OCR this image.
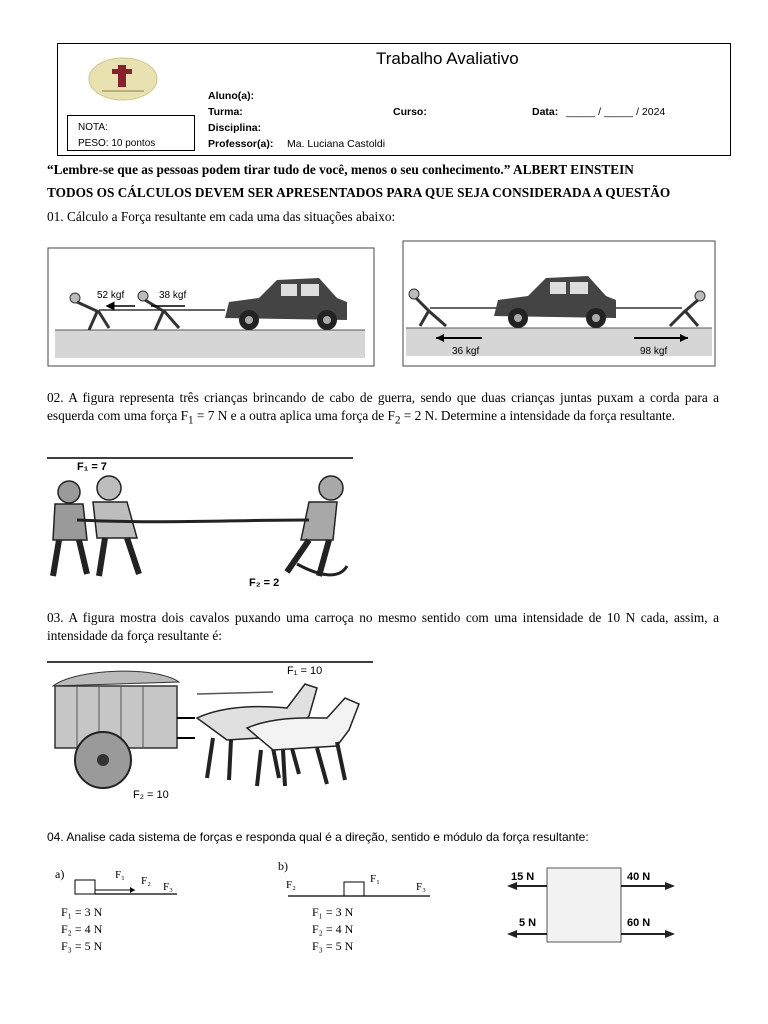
Trabalho Avaliativo
Aluno(a):
Turma:	Curso:	Data: _____ / _____ / 2024
Disciplina:
Professor(a): Ma. Luciana Castoldi
NOTA:
PESO: 10 pontos
“Lembre-se que as pessoas podem tirar tudo de você, menos o seu conhecimento.” ALBERT EINSTEIN
TODOS OS CÁLCULOS DEVEM SER APRESENTADOS PARA QUE SEJA CONSIDERADA A QUESTÃO
01. Cálculo a Força resultante em cada uma das situações abaixo:
52 kgf	38 kgf
36 kgf	98 kgf
02. A figura representa três crianças brincando de cabo de guerra, sendo que duas crianças juntas puxam a corda para a esquerda com uma força $F_1 = 7$ N e a outra aplica uma força de $F_2 = 2$ N. Determine a intensidade da força resultante.
F₁ = 7
F₂ = 2
03. A figura mostra dois cavalos puxando uma carroça no mesmo sentido com uma intensidade de 10 N cada, assim, a intensidade da força resultante é:
F₁ = 10
F₂ = 10
04. Analise cada sistema de forças e responda qual é a direção, sentido e módulo da força resultante:
a)	F₁ F₂ F₃
F₁ = 3 N
F₂ = 4 N
F₃ = 5 N
b)
F₂	F₁
F₃
F₁ = 3 N
F₂ = 4 N
F₃ = 5 N
15 N	40 N
5 N	60 N
